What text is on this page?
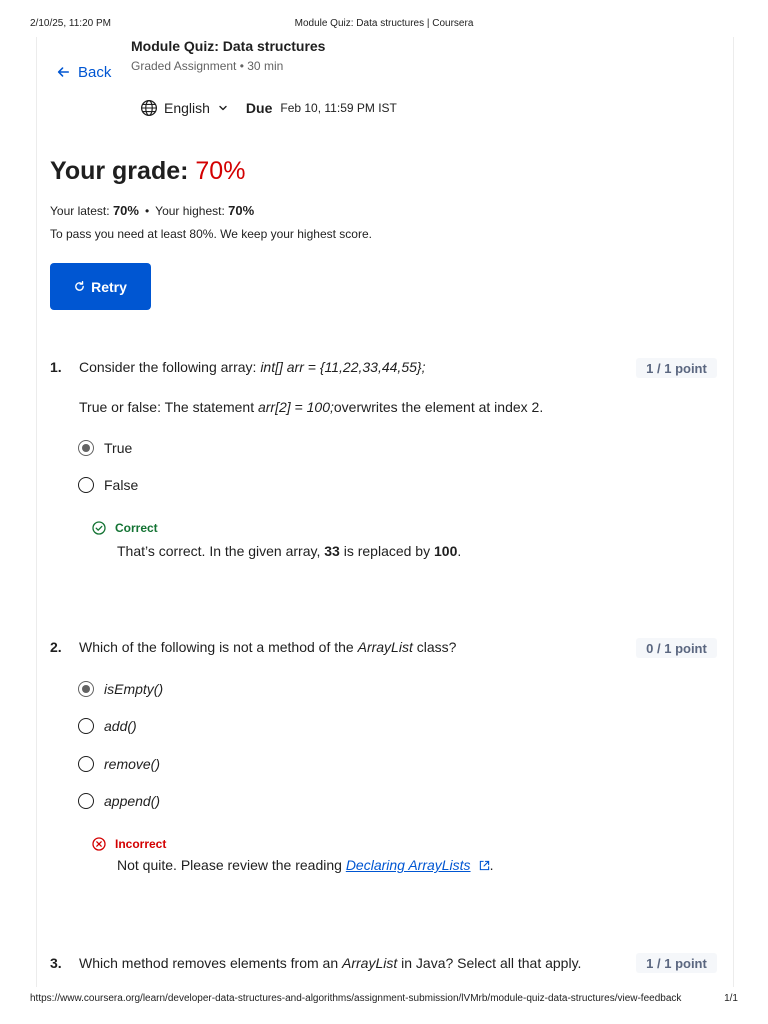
2/10/25, 11:20 PM	Module Quiz: Data structures | Coursera
Back
Module Quiz: Data structures
Graded Assignment • 30 min
English	Due Feb 10, 11:59 PM IST
Your grade: 70%
Your latest: 70% • Your highest: 70%
To pass you need at least 80%. We keep your highest score.
Retry
1. Consider the following array: int[] arr = {11,22,33,44,55};	1 / 1 point
True or false: The statement arr[2] = 100;overwrites the element at index 2.
True
False
Correct
That’s correct. In the given array, 33 is replaced by 100.
2. Which of the following is not a method of the ArrayList class?	0 / 1 point
isEmpty()
add()
remove()
append()
Incorrect
Not quite. Please review the reading Declaring ArrayLists .
3. Which method removes elements from an ArrayList in Java? Select all that apply.	1 / 1 point
https://www.coursera.org/learn/developer-data-structures-and-algorithms/assignment-submission/lVMrb/module-quiz-data-structures/view-feedback	1/1
